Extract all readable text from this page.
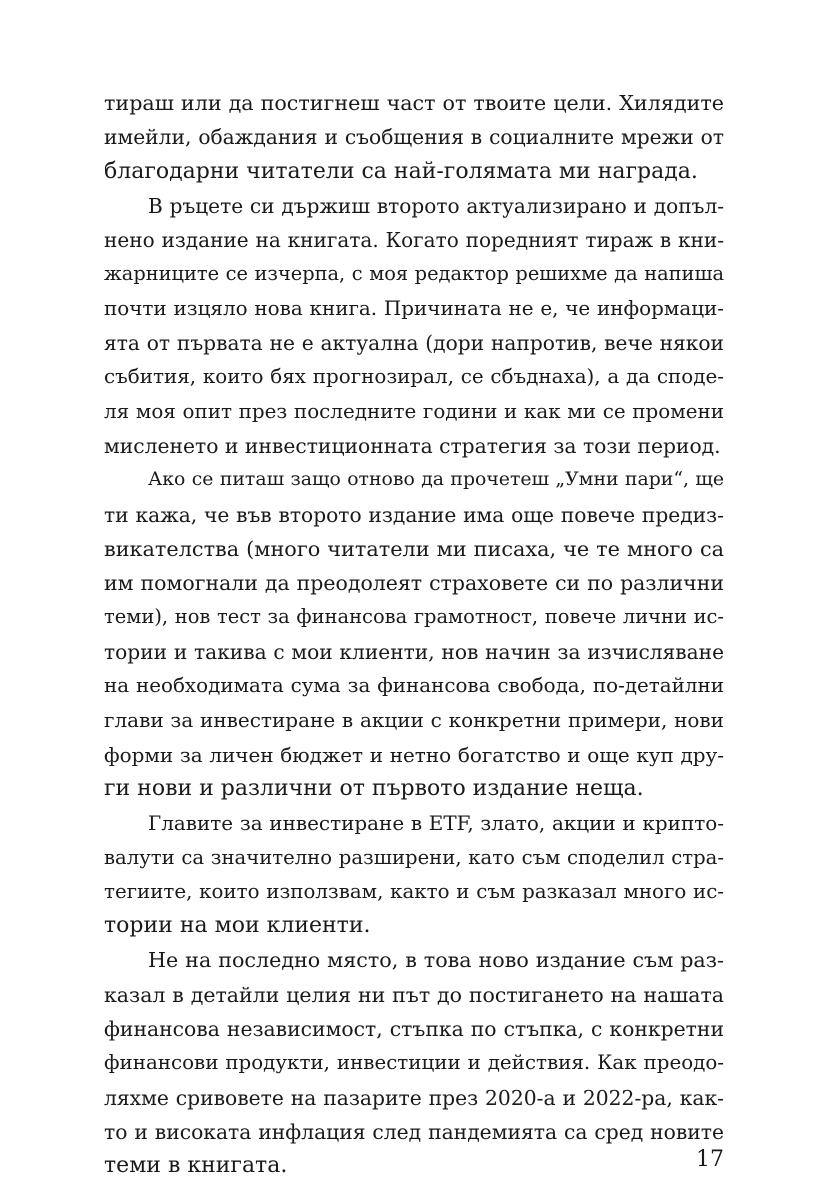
тираш или да постигнеш част от твоите цели. Хилядите
имейли, обаждания и съобщения в социалните мрежи от
благодарни читатели са най-голямата ми награда.
В ръцете си държиш второто актуализирано и допъл-
нено издание на книгата. Когато поредният тираж в кни-
жарниците се изчерпа, с моя редактор решихме да напиша
почти изцяло нова книга. Причината не е, че информаци-
ята от първата не е актуална (дори напротив, вече някои
събития, които бях прогнозирал, се сбъднаха), а да споде-
ля моя опит през последните години и как ми се промени
мисленето и инвестиционната стратегия за този период.
Ако се питаш защо отново да прочетеш „Умни пари“, ще
ти кажа, че във второто издание има още повече предиз-
викателства (много читатели ми писаха, че те много са
им помогнали да преодолеят страховете си по различни
теми), нов тест за финансова грамотност, повече лични ис-
тории и такива с мои клиенти, нов начин за изчисляване
на необходимата сума за финансова свобода, по-детайлни
глави за инвестиране в акции с конкретни примери, нови
форми за личен бюджет и нетно богатство и още куп дру-
ги нови и различни от първото издание неща.
Главите за инвестиране в ETF, злато, акции и крипто-
валути са значително разширени, като съм споделил стра-
тегиите, които използвам, както и съм разказал много ис-
тории на мои клиенти.
Не на последно място, в това ново издание съм раз-
казал в детайли целия ни път до постигането на нашата
финансова независимост, стъпка по стъпка, с конкретни
финансови продукти, инвестиции и действия. Как преодо-
ляхме сривовете на пазарите през 2020-а и 2022-ра, как-
то и високата инфлация след пандемията са сред новите
теми в книгата.	17
